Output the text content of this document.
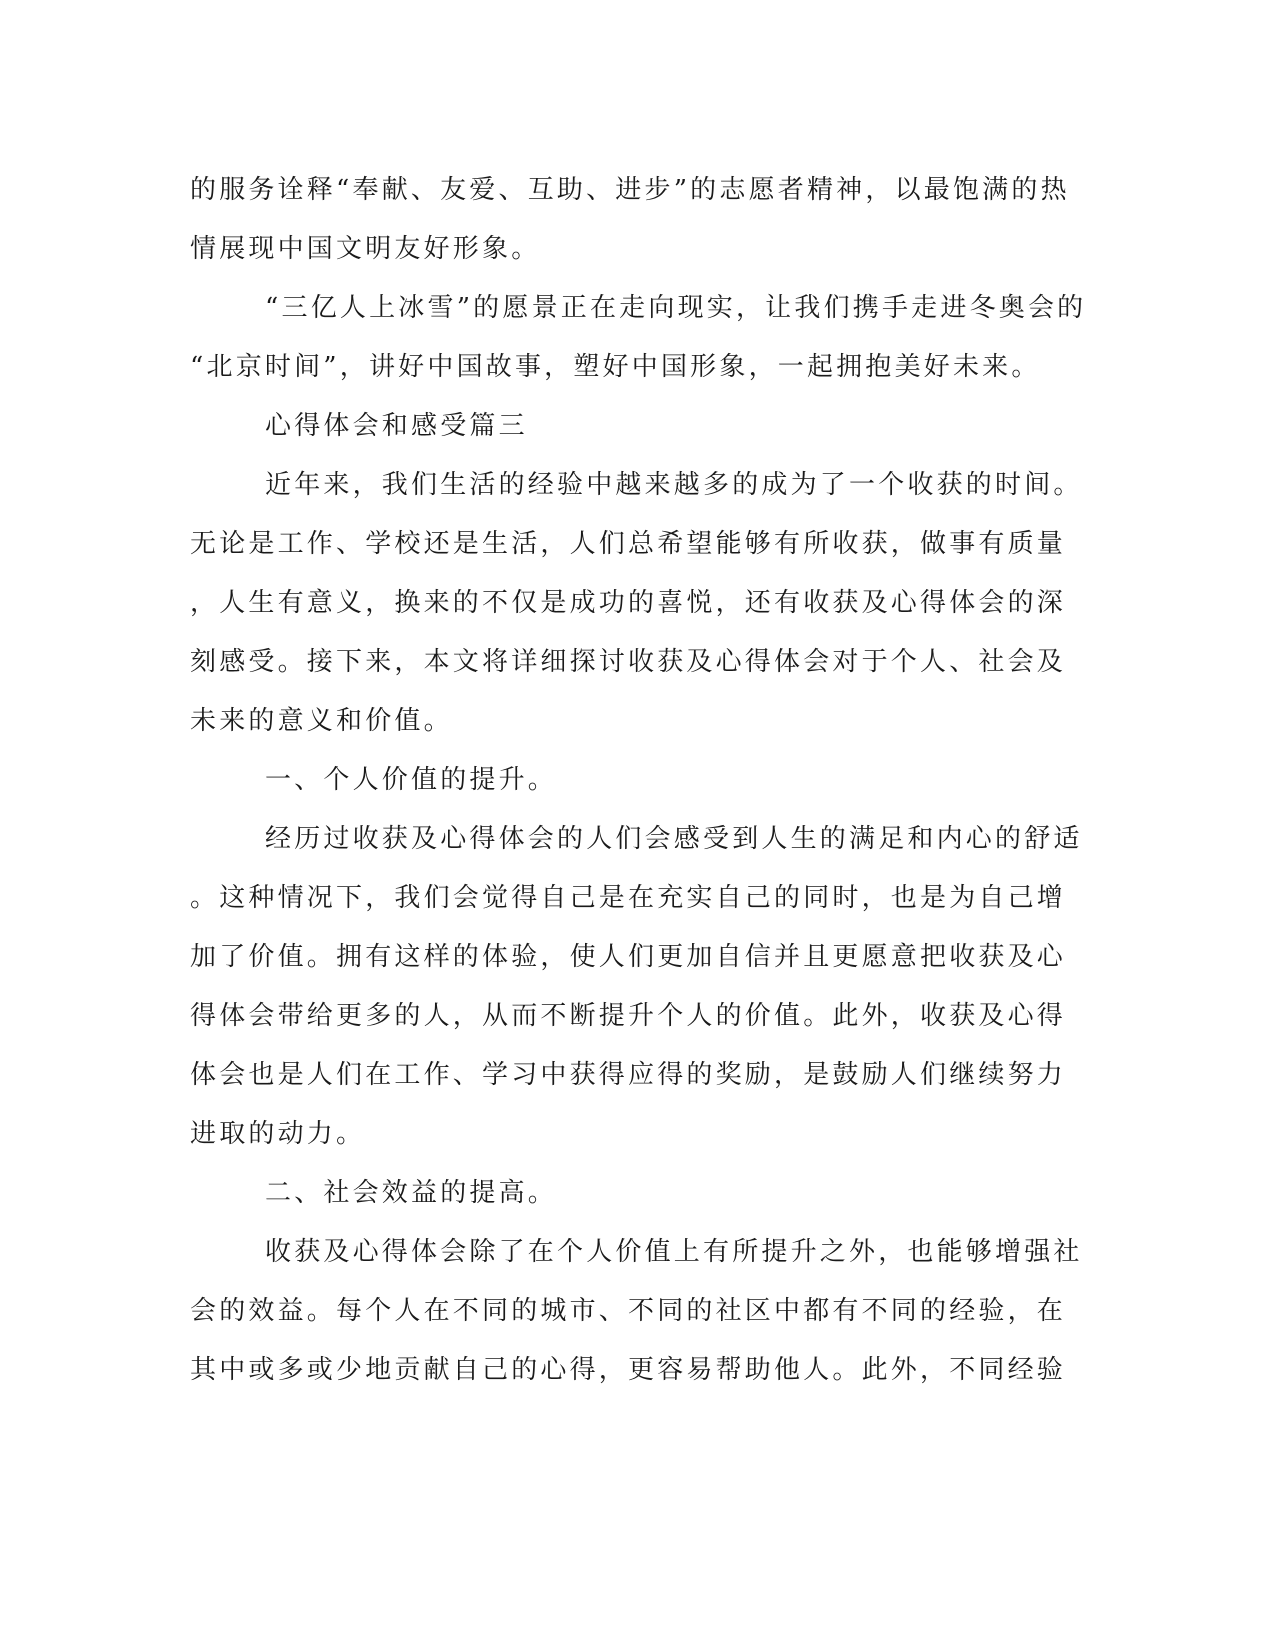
的服务诠释“奉献、友爱、互助、进步”的志愿者精神，以最饱满的热
情展现中国文明友好形象。
“三亿人上冰雪”的愿景正在走向现实，让我们携手走进冬奥会的
“北京时间”，讲好中国故事，塑好中国形象，一起拥抱美好未来。
心得体会和感受篇三
近年来，我们生活的经验中越来越多的成为了一个收获的时间。
无论是工作、学校还是生活，人们总希望能够有所收获，做事有质量
，人生有意义，换来的不仅是成功的喜悦，还有收获及心得体会的深
刻感受。接下来，本文将详细探讨收获及心得体会对于个人、社会及
未来的意义和价值。
一、个人价值的提升。
经历过收获及心得体会的人们会感受到人生的满足和内心的舒适
。这种情况下，我们会觉得自己是在充实自己的同时，也是为自己增
加了价值。拥有这样的体验，使人们更加自信并且更愿意把收获及心
得体会带给更多的人，从而不断提升个人的价值。此外，收获及心得
体会也是人们在工作、学习中获得应得的奖励，是鼓励人们继续努力
进取的动力。
二、社会效益的提高。
收获及心得体会除了在个人价值上有所提升之外，也能够增强社
会的效益。每个人在不同的城市、不同的社区中都有不同的经验，在
其中或多或少地贡献自己的心得，更容易帮助他人。此外，不同经验
